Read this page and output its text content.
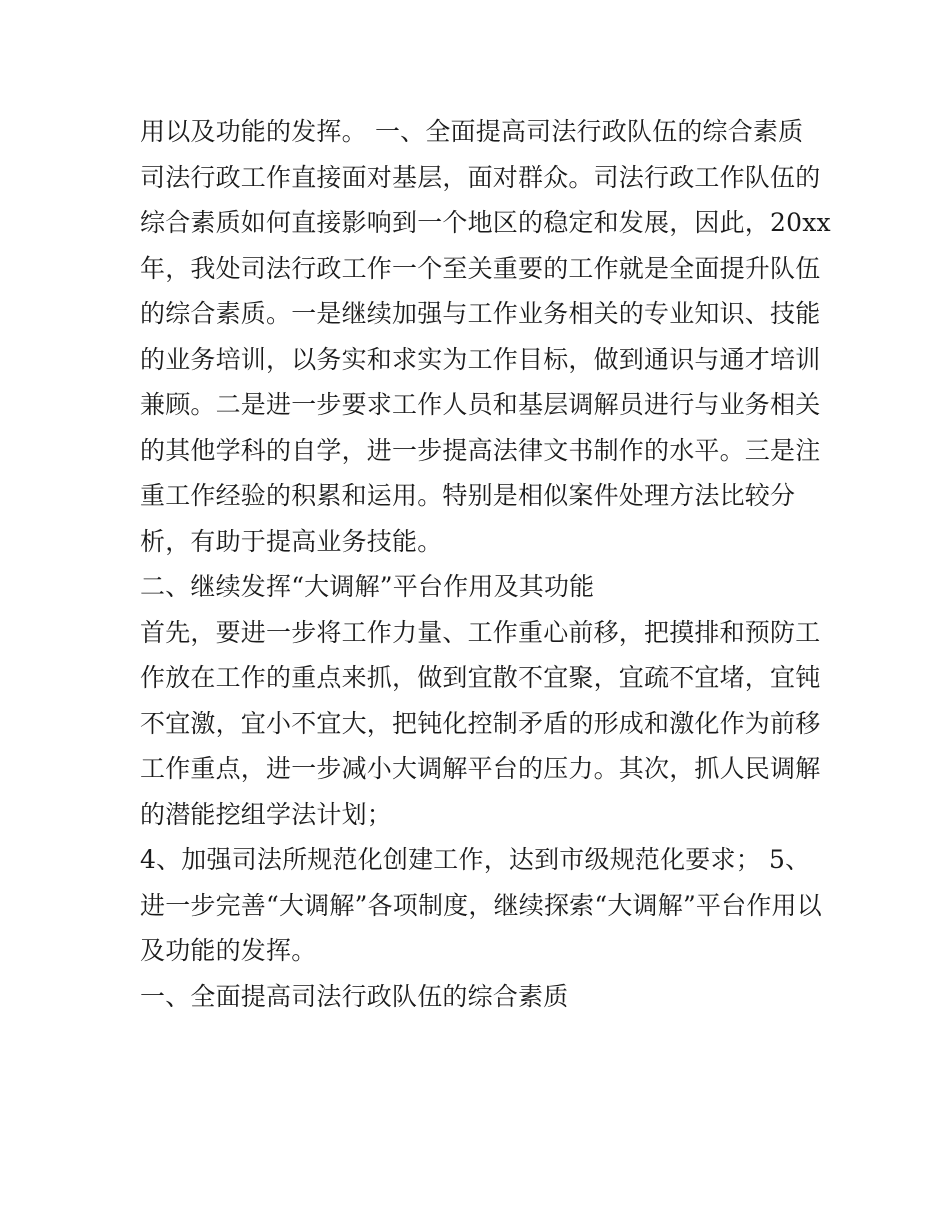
用以及功能的发挥。 一、全面提高司法行政队伍的综合素质
司法行政工作直接面对基层，面对群众。司法行政工作队伍的
综合素质如何直接影响到一个地区的稳定和发展，因此，20xx
年，我处司法行政工作一个至关重要的工作就是全面提升队伍
的综合素质。一是继续加强与工作业务相关的专业知识、技能
的业务培训，以务实和求实为工作目标，做到通识与通才培训
兼顾。二是进一步要求工作人员和基层调解员进行与业务相关
的其他学科的自学，进一步提高法律文书制作的水平。三是注
重工作经验的积累和运用。特别是相似案件处理方法比较分
析，有助于提高业务技能。
二、继续发挥“大调解”平台作用及其功能
首先，要进一步将工作力量、工作重心前移，把摸排和预防工
作放在工作的重点来抓，做到宜散不宜聚，宜疏不宜堵，宜钝
不宜激，宜小不宜大，把钝化控制矛盾的形成和激化作为前移
工作重点，进一步减小大调解平台的压力。其次，抓人民调解
的潜能挖组学法计划；
4、加强司法所规范化创建工作，达到市级规范化要求； 5、
进一步完善“大调解”各项制度，继续探索“大调解”平台作用以
及功能的发挥。
一、全面提高司法行政队伍的综合素质
